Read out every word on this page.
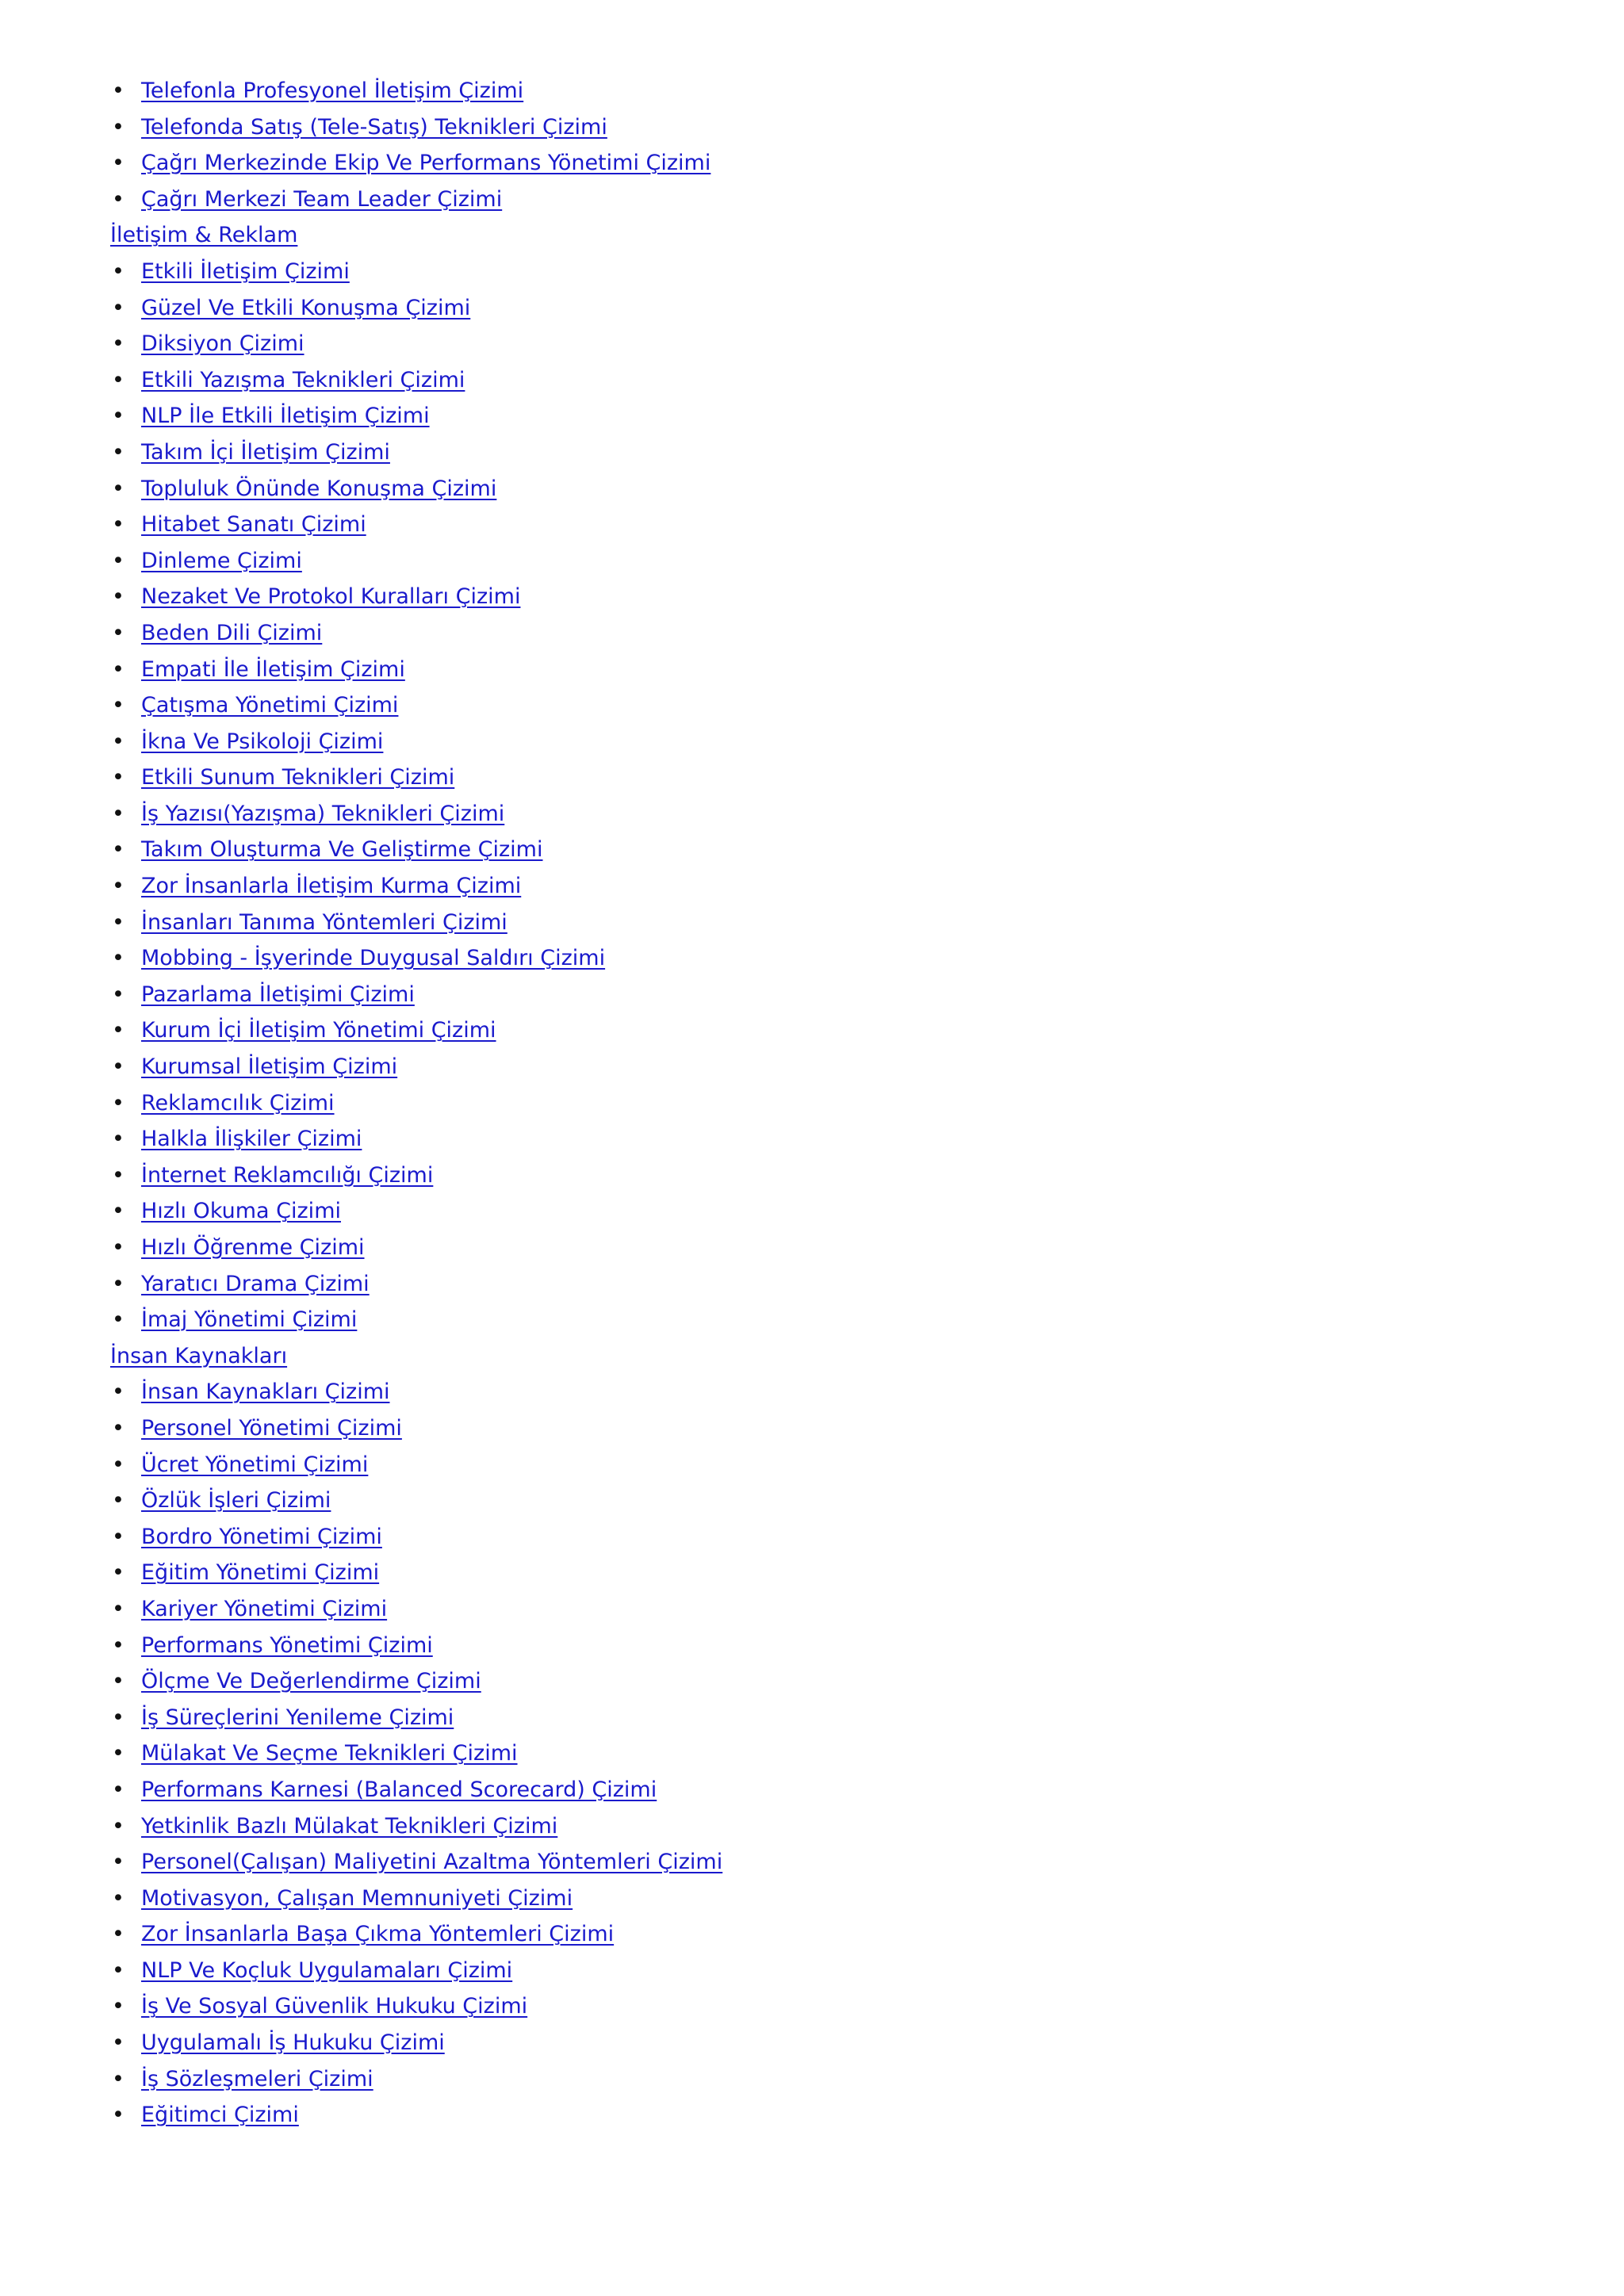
• Telefonla Profesyonel İletişim Çizimi
• Telefonda Satış (Tele-Satış) Teknikleri Çizimi
• Çağrı Merkezinde Ekip Ve Performans Yönetimi Çizimi
• Çağrı Merkezi Team Leader Çizimi
İletişim & Reklam
• Etkili İletişim Çizimi
• Güzel Ve Etkili Konuşma Çizimi
• Diksiyon Çizimi
• Etkili Yazışma Teknikleri Çizimi
• NLP İle Etkili İletişim Çizimi
• Takım İçi İletişim Çizimi
• Topluluk Önünde Konuşma Çizimi
• Hitabet Sanatı Çizimi
• Dinleme Çizimi
• Nezaket Ve Protokol Kuralları Çizimi
• Beden Dili Çizimi
• Empati İle İletişim Çizimi
• Çatışma Yönetimi Çizimi
• İkna Ve Psikoloji Çizimi
• Etkili Sunum Teknikleri Çizimi
• İş Yazısı(Yazışma) Teknikleri Çizimi
• Takım Oluşturma Ve Geliştirme Çizimi
• Zor İnsanlarla İletişim Kurma Çizimi
• İnsanları Tanıma Yöntemleri Çizimi
• Mobbing - İşyerinde Duygusal Saldırı Çizimi
• Pazarlama İletişimi Çizimi
• Kurum İçi İletişim Yönetimi Çizimi
• Kurumsal İletişim Çizimi
• Reklamcılık Çizimi
• Halkla İlişkiler Çizimi
• İnternet Reklamcılığı Çizimi
• Hızlı Okuma Çizimi
• Hızlı Öğrenme Çizimi
• Yaratıcı Drama Çizimi
• İmaj Yönetimi Çizimi
İnsan Kaynakları
• İnsan Kaynakları Çizimi
• Personel Yönetimi Çizimi
• Ücret Yönetimi Çizimi
• Özlük İşleri Çizimi
• Bordro Yönetimi Çizimi
• Eğitim Yönetimi Çizimi
• Kariyer Yönetimi Çizimi
• Performans Yönetimi Çizimi
• Ölçme Ve Değerlendirme Çizimi
• İş Süreçlerini Yenileme Çizimi
• Mülakat Ve Seçme Teknikleri Çizimi
• Performans Karnesi (Balanced Scorecard) Çizimi
• Yetkinlik Bazlı Mülakat Teknikleri Çizimi
• Personel(Çalışan) Maliyetini Azaltma Yöntemleri Çizimi
• Motivasyon, Çalışan Memnuniyeti Çizimi
• Zor İnsanlarla Başa Çıkma Yöntemleri Çizimi
• NLP Ve Koçluk Uygulamaları Çizimi
• İş Ve Sosyal Güvenlik Hukuku Çizimi
• Uygulamalı İş Hukuku Çizimi
• İş Sözleşmeleri Çizimi
• Eğitimci Çizimi
